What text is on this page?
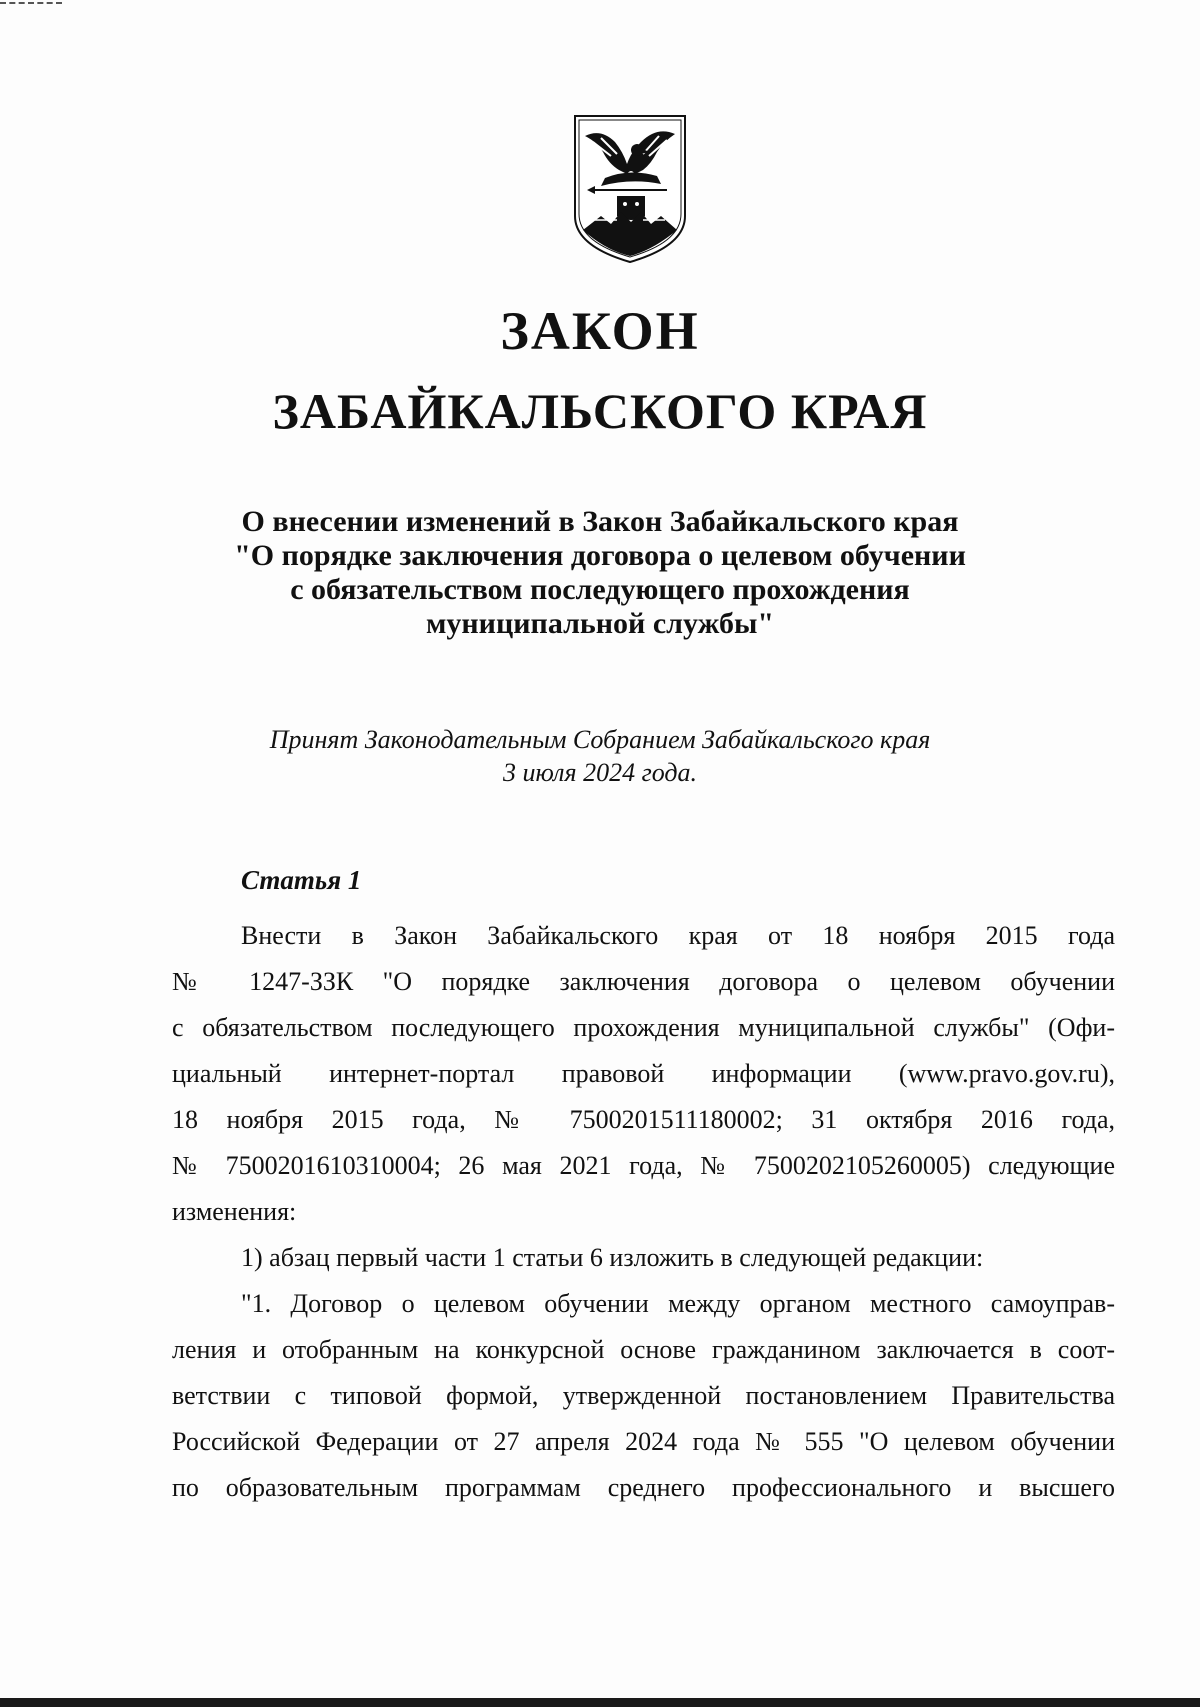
ЗАКОН
ЗАБАЙКАЛЬСКОГО КРАЯ
О внесении изменений в Закон Забайкальского края
"О порядке заключения договора о целевом обучении
с обязательством последующего прохождения
муниципальной службы"
Принят Законодательным Собранием Забайкальского края
3 июля 2024 года.
Статья 1
Внести в Закон Забайкальского края от 18 ноября 2015 года
№ 1247-ЗЗК "О порядке заключения договора о целевом обучении
с обязательством последующего прохождения муниципальной службы" (Офи-
циальный интернет-портал правовой информации (www.pravo.gov.ru),
18 ноября 2015 года, № 7500201511180002; 31 октября 2016 года,
№ 7500201610310004; 26 мая 2021 года, № 7500202105260005) следующие
изменения:
1) абзац первый части 1 статьи 6 изложить в следующей редакции:
"1. Договор о целевом обучении между органом местного самоуправ-
ления и отобранным на конкурсной основе гражданином заключается в соот-
ветствии с типовой формой, утвержденной постановлением Правительства
Российской Федерации от 27 апреля 2024 года № 555 "О целевом обучении
по образовательным программам среднего профессионального и высшего
